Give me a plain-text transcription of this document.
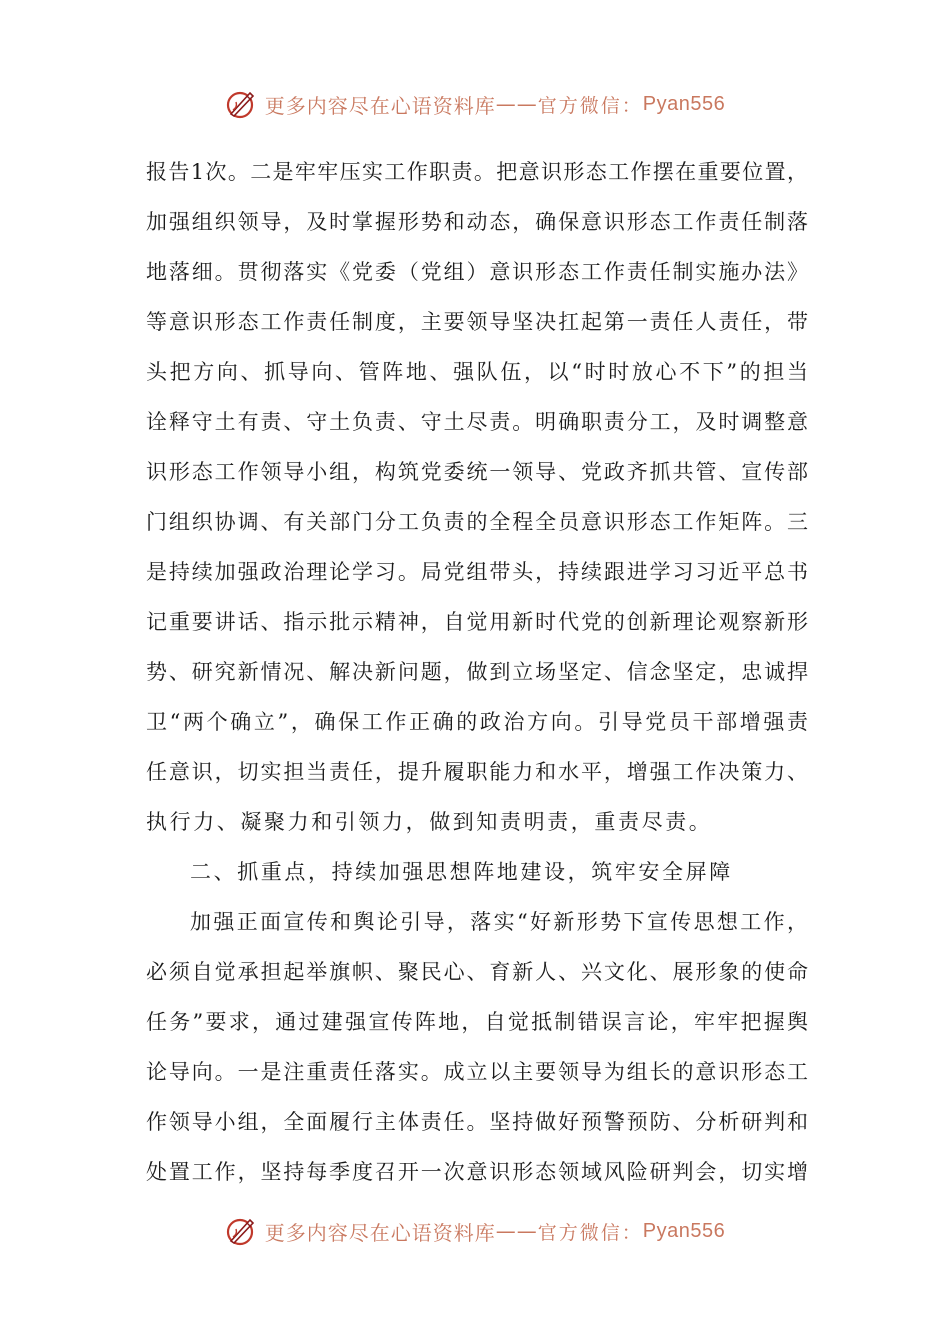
更多内容尽在心语资料库 —— 官方微信： Pyan556
报告1次。二是牢牢压实工作职责。把意识形态工作摆在重要位置，
加强组织领导，及时掌握形势和动态，确保意识形态工作责任制落
地落细。贯彻落实《党委（党组）意识形态工作责任制实施办法》
等意识形态工作责任制度，主要领导坚决扛起第一责任人责任，带
头把方向、抓导向、管阵地、强队伍，以“时时放心不下”的担当
诠释守土有责、守土负责、守土尽责。明确职责分工，及时调整意
识形态工作领导小组，构筑党委统一领导、党政齐抓共管、宣传部
门组织协调、有关部门分工负责的全程全员意识形态工作矩阵。三
是持续加强政治理论学习。局党组带头，持续跟进学习习近平总书
记重要讲话、指示批示精神，自觉用新时代党的创新理论观察新形
势、研究新情况、解决新问题，做到立场坚定、信念坚定，忠诚捍
卫“两个确立”，确保工作正确的政治方向。引导党员干部增强责
任意识，切实担当责任，提升履职能力和水平，增强工作决策力、
执行力、凝聚力和引领力，做到知责明责，重责尽责。
二、抓重点，持续加强思想阵地建设，筑牢安全屏障
加强正面宣传和舆论引导，落实“好新形势下宣传思想工作，
必须自觉承担起举旗帜、聚民心、育新人、兴文化、展形象的使命
任务”要求，通过建强宣传阵地，自觉抵制错误言论，牢牢把握舆
论导向。一是注重责任落实。成立以主要领导为组长的意识形态工
作领导小组，全面履行主体责任。坚持做好预警预防、分析研判和
处置工作，坚持每季度召开一次意识形态领域风险研判会，切实增
更多内容尽在心语资料库 —— 官方微信： Pyan556
